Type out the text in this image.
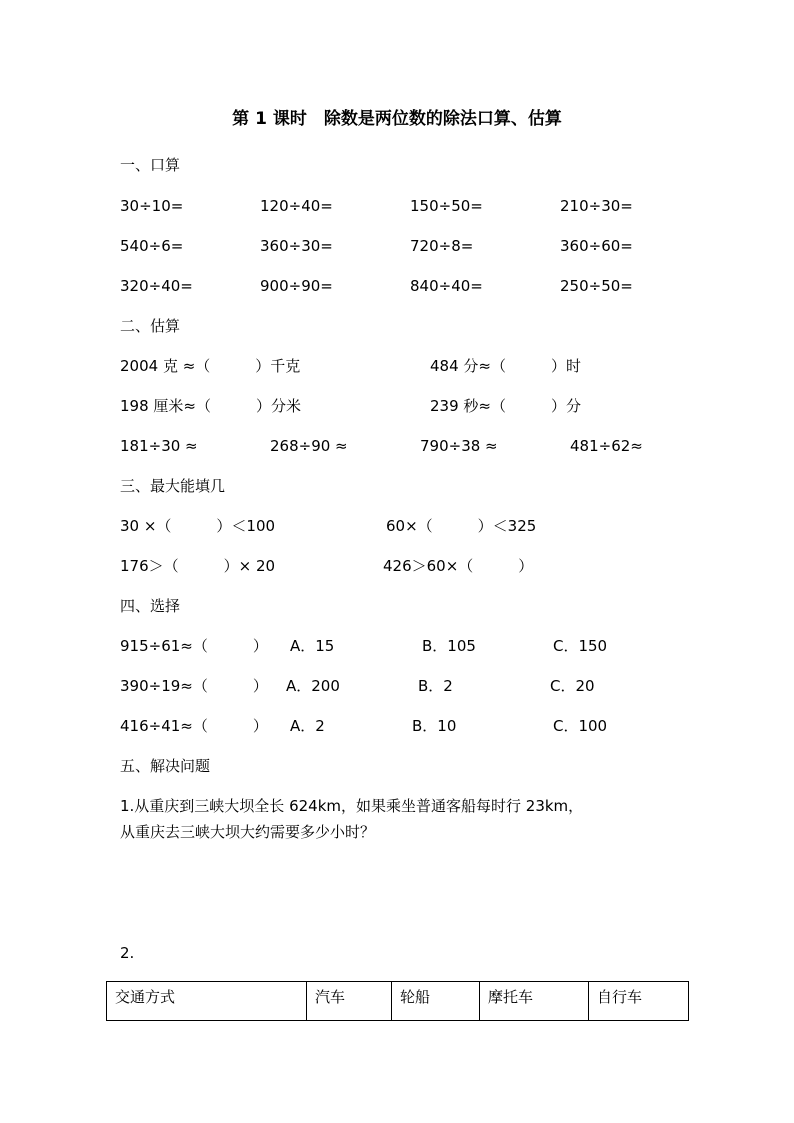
第 1 课时　除数是两位数的除法口算、估算
一、口算
30÷10=	120÷40=	150÷50=	210÷30=
540÷6=	360÷30=	720÷8=	360÷60=
320÷40=	900÷90=	840÷40=	250÷50=
二、估算
2004 克 ≈（　　　）千克	484 分≈（　　　）时
198 厘米≈（　　　）分米	239 秒≈（　　　）分
181÷30 ≈	268÷90 ≈	790÷38 ≈	481÷62≈
三、最大能填几
30 ×（　　　）＜100	60×（　　　）＜325
176＞（　　　）× 20	426＞60×（　　　）
四、选择
915÷61≈（　　　） A．15	B．105	C．150
390÷19≈（　　　） A．200	B．2	C．20
416÷41≈（　　　） A．2	B．10	C．100
五、解决问题
1.从重庆到三峡大坝全长 624km，如果乘坐普通客船每时行 23km，
从重庆去三峡大坝大约需要多少小时？
2.
交通方式	汽车	轮船	摩托车	自行车
